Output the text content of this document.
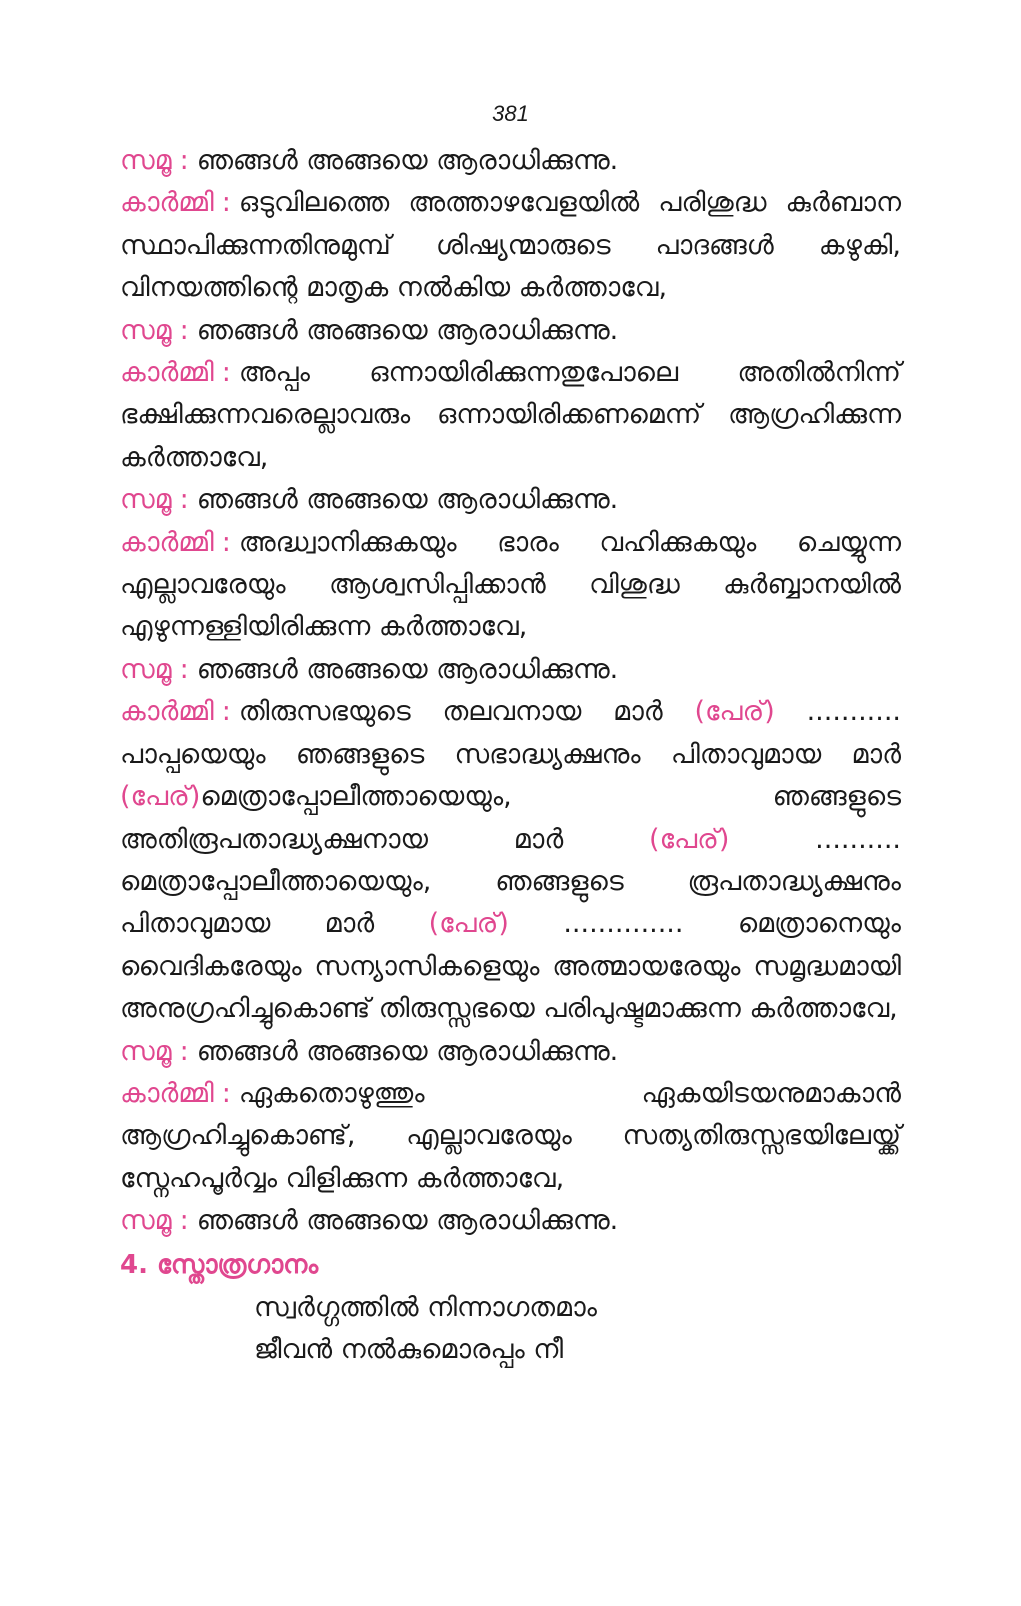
381
സമൂ : ഞങ്ങൾ അങ്ങയെ ആരാധിക്കുന്നു.
കാർമ്മി : ഒടുവിലത്തെ അത്താഴവേളയിൽ പരിശുദ്ധ കുർബാന സ്ഥാപിക്കുന്നതിനുമുമ്പ് ശിഷ്യന്മാരുടെ പാദങ്ങൾ കഴുകി, വിനയത്തിന്റെ മാതൃക നൽകിയ കർത്താവേ,
സമൂ : ഞങ്ങൾ അങ്ങയെ ആരാധിക്കുന്നു.
കാർമ്മി : അപ്പം ഒന്നായിരിക്കുന്നതുപോലെ അതിൽനിന്ന് ഭക്ഷിക്കുന്നവരെല്ലാവരും ഒന്നായിരിക്കണമെന്ന് ആഗ്രഹിക്കുന്ന കർത്താവേ,
സമൂ : ഞങ്ങൾ അങ്ങയെ ആരാധിക്കുന്നു.
കാർമ്മി : അദ്ധ്വാനിക്കുകയും ഭാരം വഹിക്കുകയും ചെയ്യുന്ന എല്ലാവരേയും ആശ്വസിപ്പിക്കാൻ വിശുദ്ധ കുർബ്ബാനയിൽ എഴുന്നള്ളിയിരിക്കുന്ന കർത്താവേ,
സമൂ : ഞങ്ങൾ അങ്ങയെ ആരാധിക്കുന്നു.
കാർമ്മി : തിരുസഭയുടെ തലവനായ മാർ (പേര്) ........... പാപ്പയെയും ഞങ്ങളുടെ സഭാദ്ധ്യക്ഷനും പിതാവുമായ മാർ (പേര്)മെത്രാപ്പോലീത്തായെയും, ഞങ്ങളുടെ അതിരൂപതാദ്ധ്യക്ഷനായ മാർ (പേര്) .......... മെത്രാപ്പോലീത്തായെയും, ഞങ്ങളുടെ രൂപതാദ്ധ്യക്ഷനും പിതാവുമായ മാർ (പേര്) .............. മെത്രാനെയും വൈദികരേയും സന്യാസികളെയും അത്മായരേയും സമൃദ്ധമായി അനുഗ്രഹിച്ചുകൊണ്ട് തിരുസ്സഭയെ പരിപുഷ്ടമാക്കുന്ന കർത്താവേ,
സമൂ : ഞങ്ങൾ അങ്ങയെ ആരാധിക്കുന്നു.
കാർമ്മി : ഏകതൊഴുത്തും ഏകയിടയനുമാകാൻ ആഗ്രഹിച്ചുകൊണ്ട്, എല്ലാവരേയും സത്യതിരുസ്സഭയിലേയ്ക്ക് സ്നേഹപൂർവ്വം വിളിക്കുന്ന കർത്താവേ,
സമൂ : ഞങ്ങൾ അങ്ങയെ ആരാധിക്കുന്നു.
4. സ്തോത്രഗാനം
സ്വർഗ്ഗത്തിൽ നിന്നാഗതമാം
ജീവൻ നൽകുമൊരപ്പം നീ
